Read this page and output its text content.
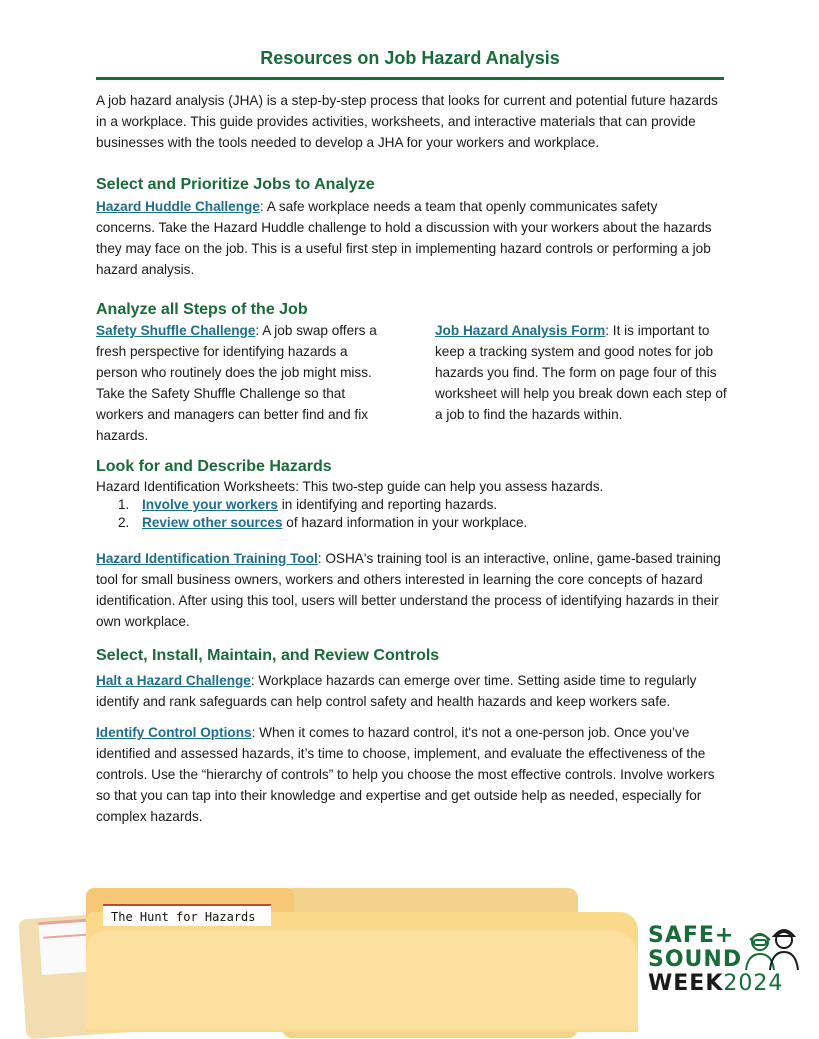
Resources on Job Hazard Analysis
A job hazard analysis (JHA) is a step-by-step process that looks for current and potential future hazards in a workplace. This guide provides activities, worksheets, and interactive materials that can provide businesses with the tools needed to develop a JHA for your workers and workplace.
Select and Prioritize Jobs to Analyze
Hazard Huddle Challenge: A safe workplace needs a team that openly communicates safety concerns. Take the Hazard Huddle challenge to hold a discussion with your workers about the hazards they may face on the job. This is a useful first step in implementing hazard controls or performing a job hazard analysis.
Analyze all Steps of the Job
Safety Shuffle Challenge: A job swap offers a fresh perspective for identifying hazards a person who routinely does the job might miss. Take the Safety Shuffle Challenge so that workers and managers can better find and fix hazards.
Job Hazard Analysis Form: It is important to keep a tracking system and good notes for job hazards you find. The form on page four of this worksheet will help you break down each step of a job to find the hazards within.
Look for and Describe Hazards
Hazard Identification Worksheets: This two-step guide can help you assess hazards.
1. Involve your workers in identifying and reporting hazards.
2. Review other sources of hazard information in your workplace.
Hazard Identification Training Tool: OSHA's training tool is an interactive, online, game-based training tool for small business owners, workers and others interested in learning the core concepts of hazard identification. After using this tool, users will better understand the process of identifying hazards in their own workplace.
Select, Install, Maintain, and Review Controls
Halt a Hazard Challenge: Workplace hazards can emerge over time. Setting aside time to regularly identify and rank safeguards can help control safety and health hazards and keep workers safe.
Identify Control Options: When it comes to hazard control, it's not a one-person job. Once you’ve identified and assessed hazards, it’s time to choose, implement, and evaluate the effectiveness of the controls. Use the “hierarchy of controls” to help you choose the most effective controls. Involve workers so that you can tap into their knowledge and expertise and get outside help as needed, especially for complex hazards.
The Hunt for Hazards
SAFE+
SOUND
WEEK2024
